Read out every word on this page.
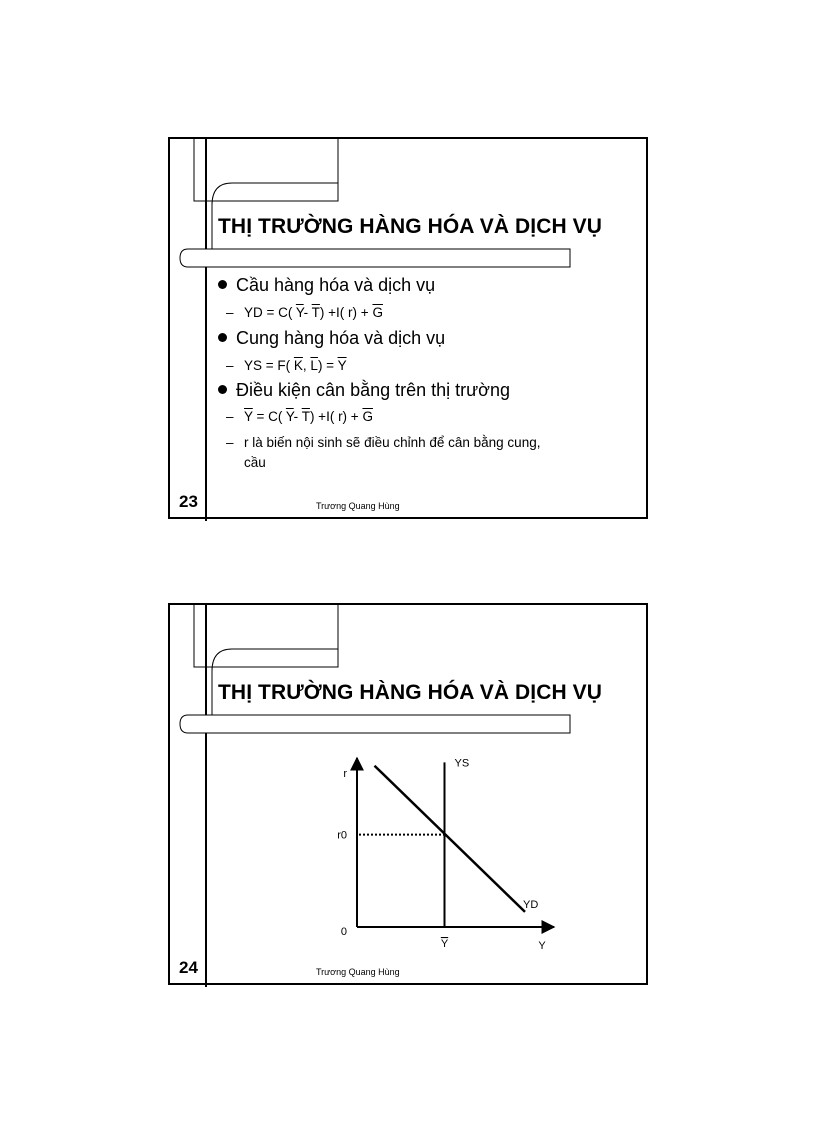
THỊ TRƯỜNG HÀNG HÓA VÀ DỊCH VỤ
Cầu hàng hóa và dịch vụ
– YD = C( $\overline{Y}-$ $\overline{T}) +I$( $r) + \overline{G}$
Cung hàng hóa và dịch vụ
– YS = F( $\overline{K}$, $\overline{L}) = \overline{Y}$
Điều kiện cân bằng trên thị trường
– $\overline{Y} = C$( $\overline{Y}-$ $\overline{T}) +I$( $r) + \overline{G}$
– r là biến nội sinh sẽ điều chỉnh để cân bằng cung,
cầu
23	Trương Quang Hùng
THỊ TRƯỜNG HÀNG HÓA VÀ DỊCH VỤ
r
r0
0
YS
YD
Y	Y
24	Trương Quang Hùng
